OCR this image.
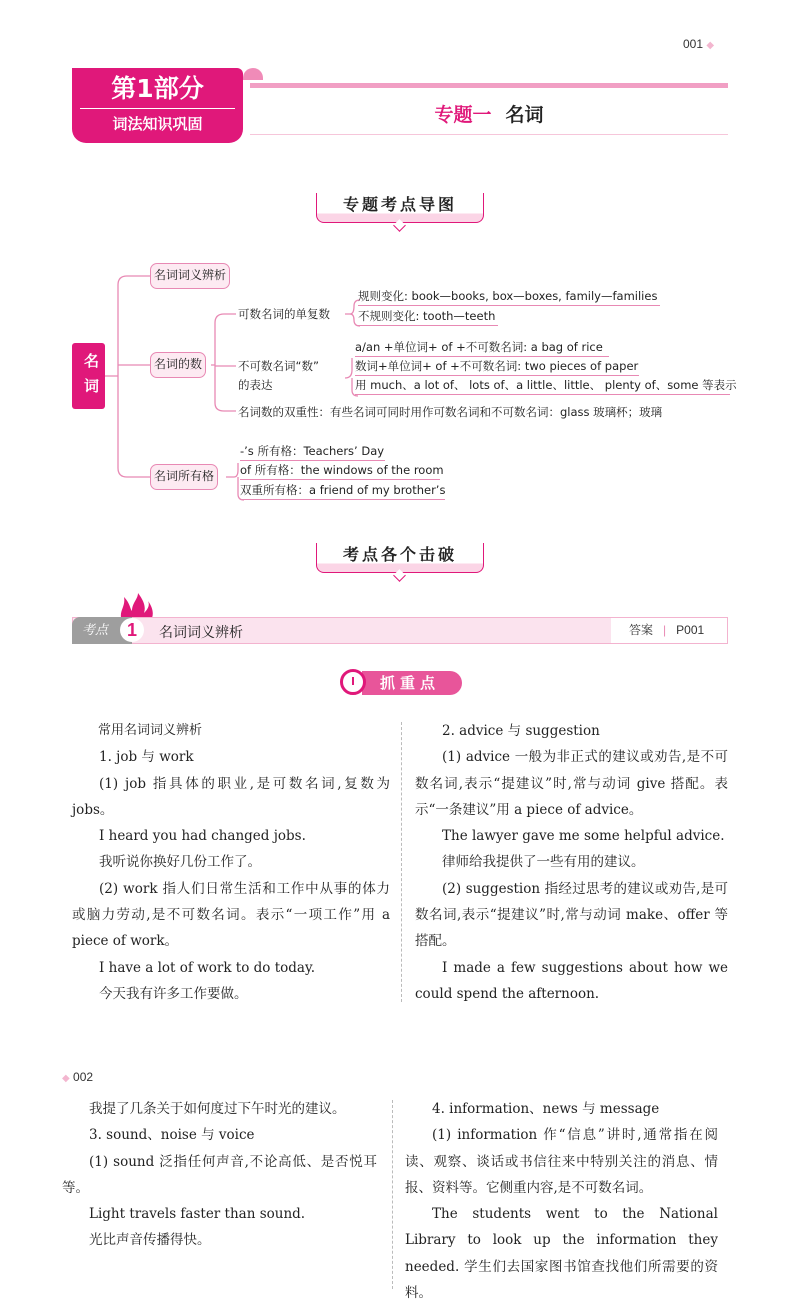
001 ◆
第1部分
词法知识巩固	专题一 名词
专题考点导图
名词
名词词义辨析
名词的数
名词所有格
可数名词的单复数
规则变化: book—books, box—boxes, family—families
不规则变化: tooth—teeth
不可数名词“数”
的表达
a/an +单位词+ of +不可数名词: a bag of rice
数词+单位词+ of +不可数名词: two pieces of paper
用 much、a lot of、 lots of、a little、little、 plenty of、some 等表示
名词数的双重性：有些名词可同时用作可数名词和不可数名词：glass 玻璃杯；玻璃
-’s 所有格：Teachers’ Day
of 所有格：the windows of the room
双重所有格：a friend of my brother’s
考点各个击破
考点	1	名词词义辨析	答案 | P001
抓重点

常用名词词义辨析

1. job 与 work

(1) job 指具体的职业,是可数名词,复数为 jobs。

I heard you had changed jobs.

我听说你换好几份工作了。

(2) work 指人们日常生活和工作中从事的体力或脑力劳动,是不可数名词。表示“一项工作”用 a piece of work。

I have a lot of work to do today.

今天我有许多工作要做。

2. advice 与 suggestion

(1) advice 一般为非正式的建议或劝告,是不可数名词,表示“提建议”时,常与动词 give 搭配。表示“一条建议”用 a piece of advice。

The lawyer gave me some helpful advice.

律师给我提供了一些有用的建议。

(2) suggestion 指经过思考的建议或劝告,是可数名词,表示“提建议”时,常与动词 make、offer 等搭配。

I made a few suggestions about how we could spend the afternoon.

◆ 002

我提了几条关于如何度过下午时光的建议。

3. sound、noise 与 voice

(1) sound 泛指任何声音,不论高低、是否悦耳等。

Light travels faster than sound.

光比声音传播得快。

4. information、news 与 message

(1) information 作“信息”讲时,通常指在阅读、观察、谈话或书信往来中特别关注的消息、情报、资料等。它侧重内容,是不可数名词。

The students went to the National Library to look up the information they needed. 学生们去国家图书馆查找他们所需要的资料。
